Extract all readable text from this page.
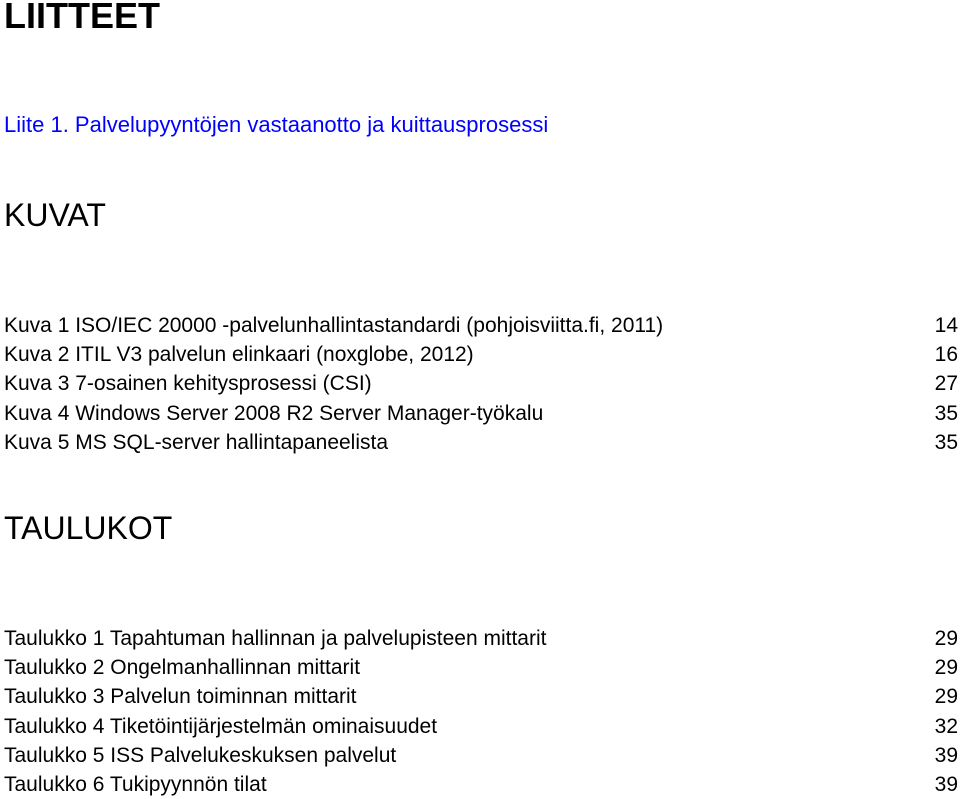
LIITTEET

Liite 1. Palvelupyyntöjen vastaanotto ja kuittausprosessi

KUVAT
Kuva 1 ISO/IEC 20000 -palvelunhallintastandardi (pohjoisviitta.fi, 2011)	14
Kuva 2 ITIL V3 palvelun elinkaari (noxglobe, 2012)	16
Kuva 3 7-osainen kehitysprosessi (CSI)	27
Kuva 4 Windows Server 2008 R2 Server Manager-työkalu	35
Kuva 5 MS SQL-server hallintapaneelista	35
TAULUKOT
Taulukko 1 Tapahtuman hallinnan ja palvelupisteen mittarit	29
Taulukko 2 Ongelmanhallinnan mittarit	29
Taulukko 3 Palvelun toiminnan mittarit	29
Taulukko 4 Tiketöintijärjestelmän ominaisuudet	32
Taulukko 5 ISS Palvelukeskuksen palvelut	39
Taulukko 6 Tukipyynnön tilat	39
